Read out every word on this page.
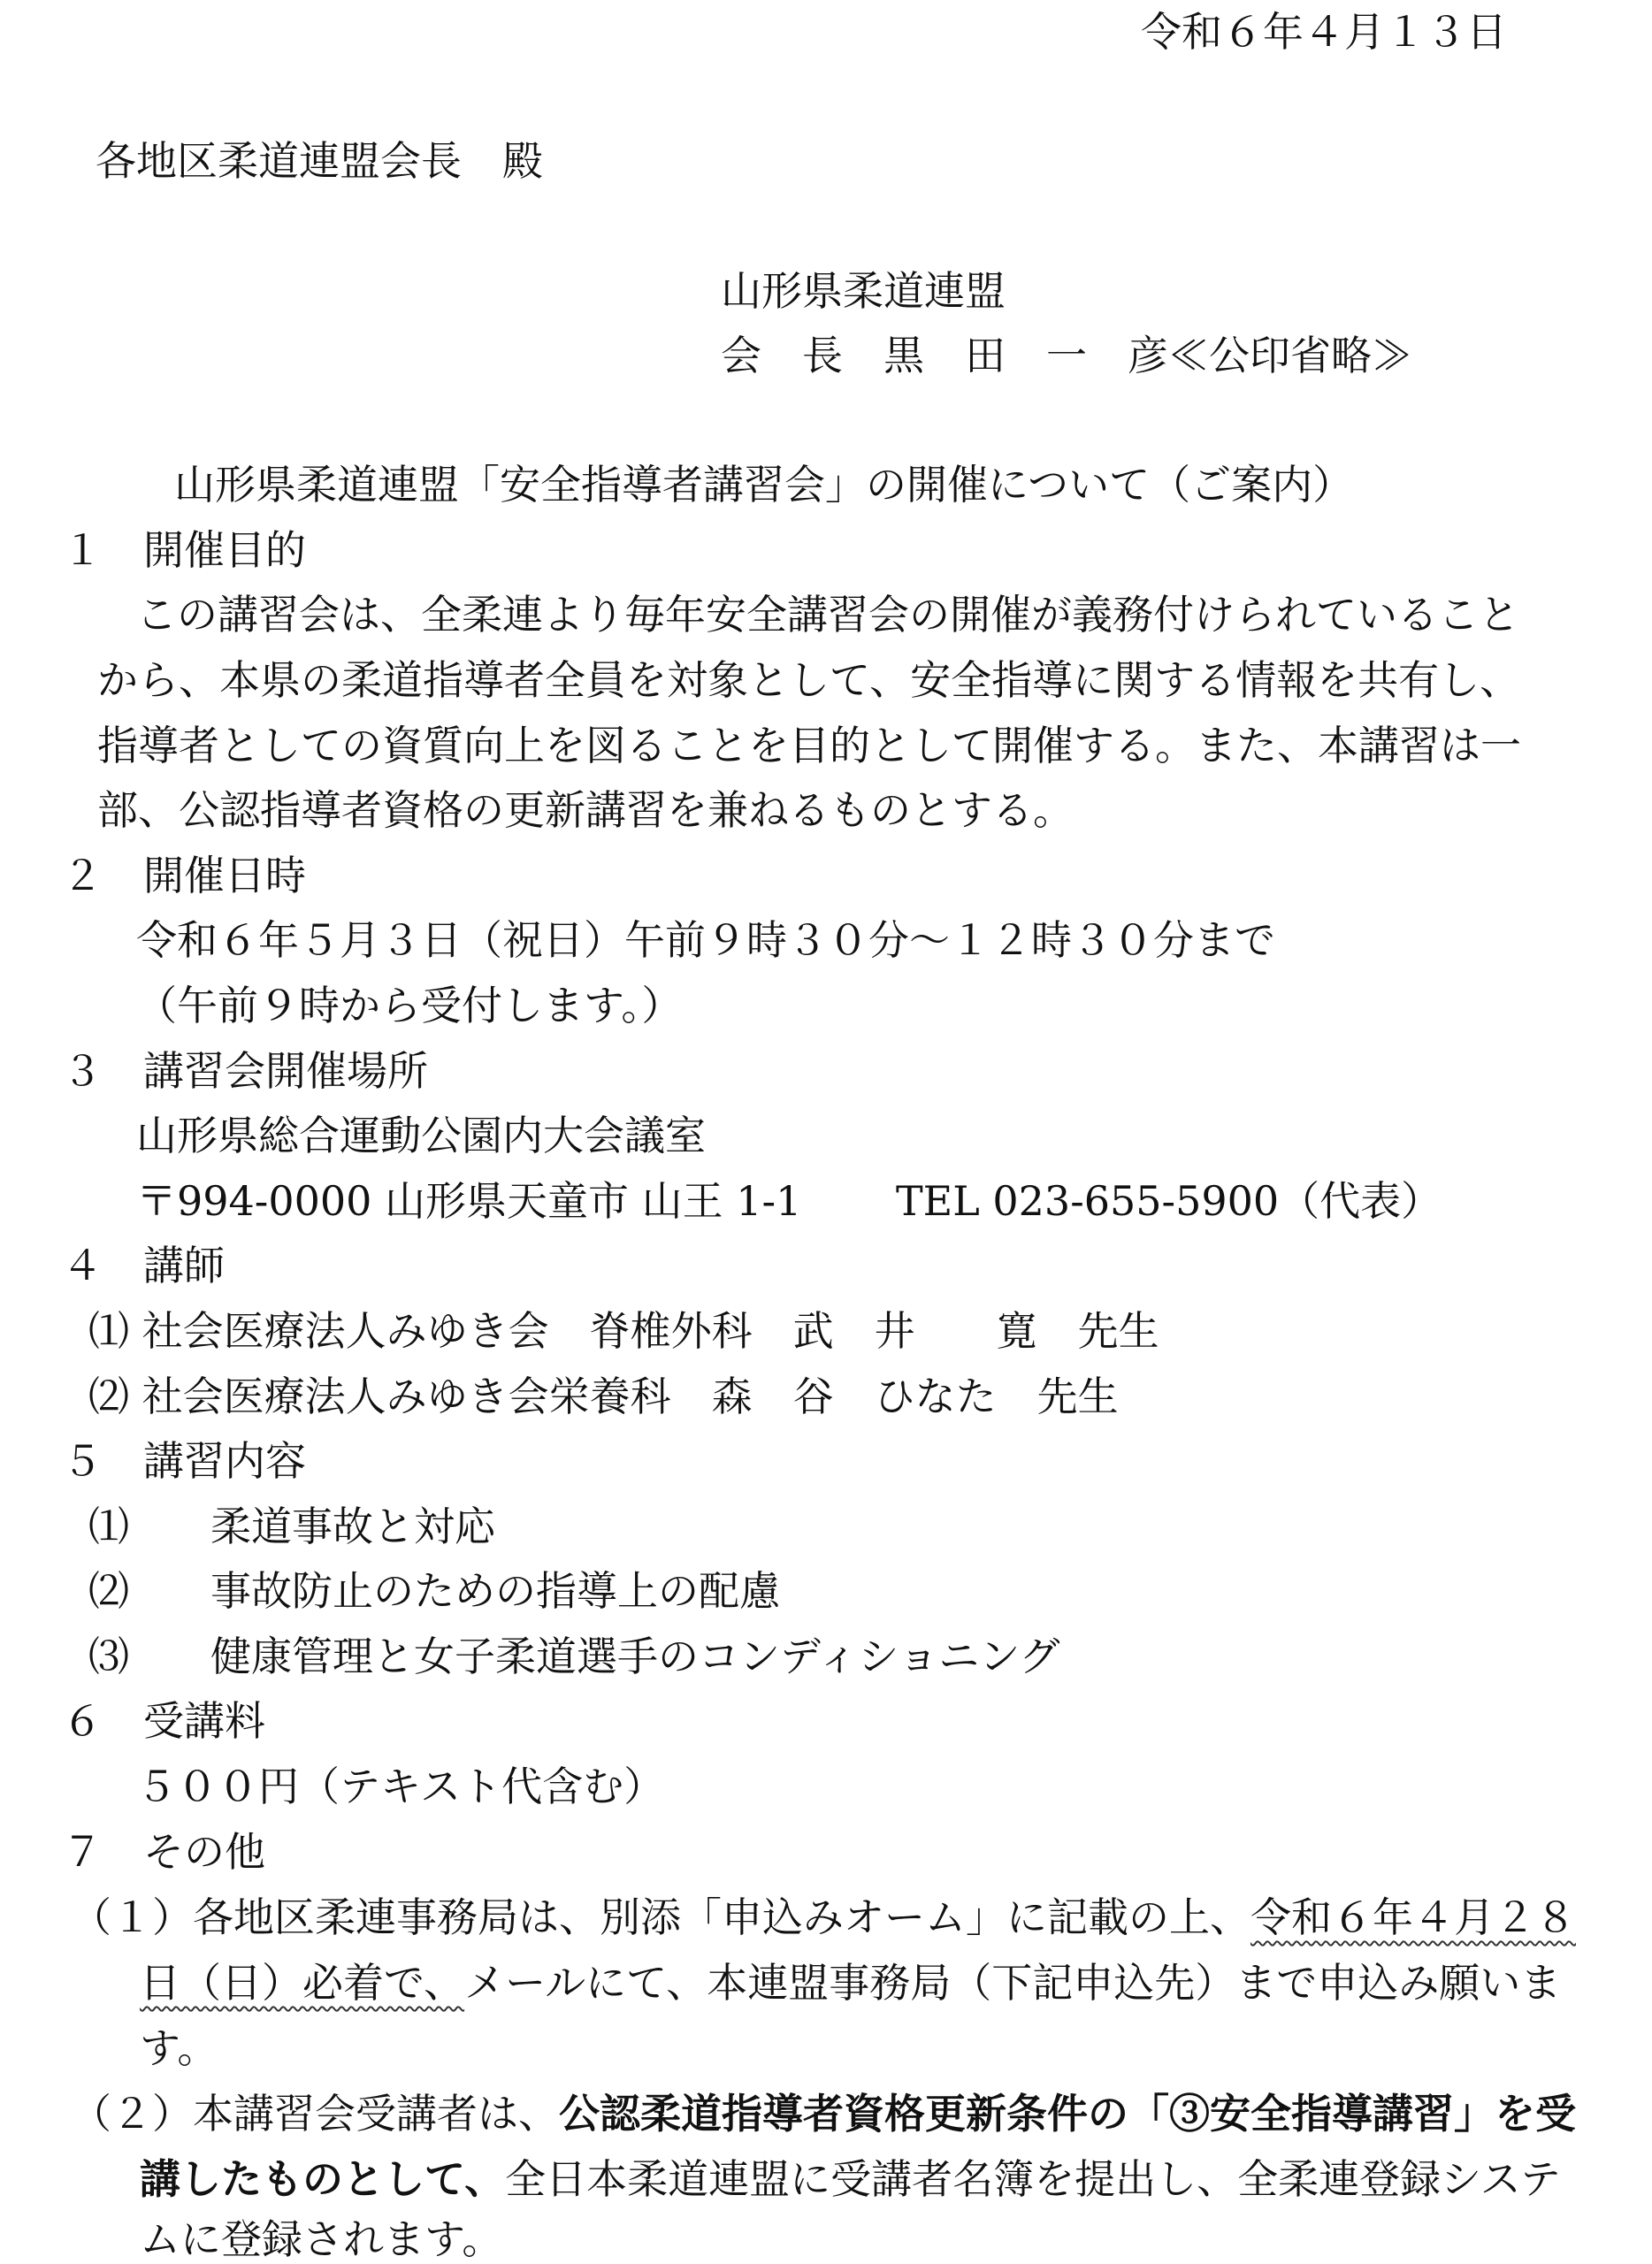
令和６年４月１３日
各地区柔道連盟会長　殿
山形県柔道連盟
会　長　黒　田　一　彦≪公印省略≫
山形県柔道連盟「安全指導者講習会」の開催について（ご案内）
１　開催目的
この講習会は、全柔連より毎年安全講習会の開催が義務付けられていること
から、本県の柔道指導者全員を対象として、安全指導に関する情報を共有し、
指導者としての資質向上を図ることを目的として開催する。また、本講習は一
部、公認指導者資格の更新講習を兼ねるものとする。
２　開催日時
令和６年５月３日（祝日）午前９時３０分～１２時３０分まで
（午前９時から受付します。）
３　講習会開催場所
山形県総合運動公園内大会議室
〒994-0000 山形県天童市 山王 1-1　　 TEL 023-655-5900（代表）
４　講師
⑴ 社会医療法人みゆき会　脊椎外科　武　井　　寛　先生
⑵ 社会医療法人みゆき会栄養科　森　谷　ひなた　先生
５　講習内容
⑴　　柔道事故と対応
⑵　　事故防止のための指導上の配慮
⑶　　健康管理と女子柔道選手のコンディショニング
６　受講料
５００円（テキスト代含む）
７　その他
（１）各地区柔連事務局は、別添「申込みオーム」に記載の上、令和６年４月２８
日（日）必着で、メールにて、本連盟事務局（下記申込先）まで申込み願いま
す。
（２）本講習会受講者は、公認柔道指導者資格更新条件の「③安全指導講習」を受
講したものとして、全日本柔道連盟に受講者名簿を提出し、全柔連登録システ
ムに登録されます。
